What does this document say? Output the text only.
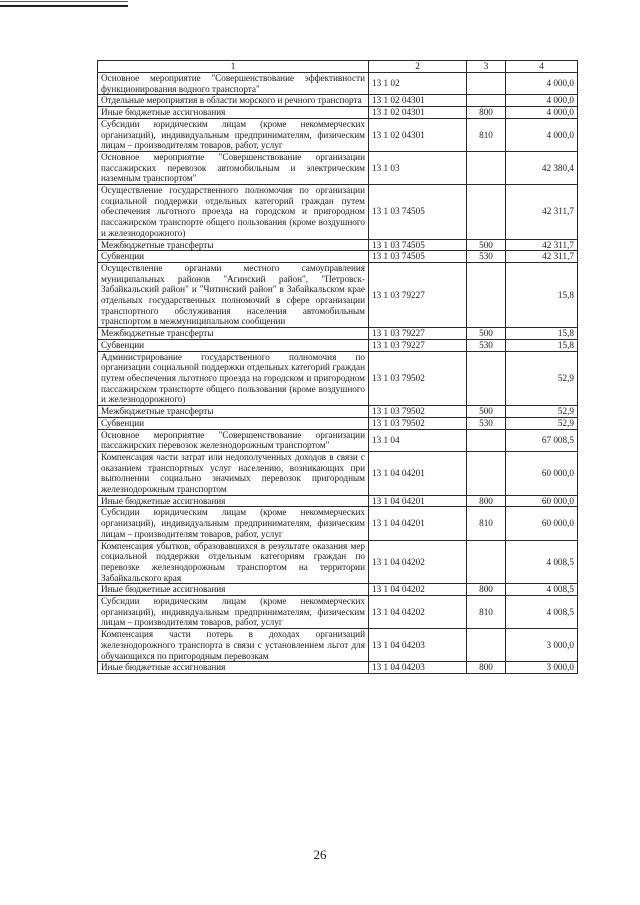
1	2	3	4
Основное мероприятие "Совершенствование эффективности функционирования водного транспорта"	13 1 02		4 000,0
Отдельные мероприятия в области морского и речного транспорта	13 1 02 04301		4 000,0
Иные бюджетные ассигнования	13 1 02 04301	800	4 000,0
Субсидии юридическим лицам (кроме некоммерческих организаций), индивидуальным предпринимателям, физическим лицам – производителям товаров, работ, услуг	13 1 02 04301	810	4 000,0
Основное мероприятие "Совершенствование организации пассажирских перевозок автомобильным и электрическим наземным транспортом"	13 1 03		42 380,4
Осуществление государственного полномочия по организации социальной поддержки отдельных категорий граждан путем обеспечения льготного проезда на городском и пригородном пассажирском транспорте общего пользования (кроме воздушного и железнодорожного)	13 1 03 74505		42 311,7
Межбюджетные трансферты	13 1 03 74505	500	42 311,7
Субвенции	13 1 03 74505	530	42 311,7
Осуществление органами местного самоуправления муниципальных районов "Агинский район", "Петровск-Забайкальский район" и "Читинский район" в Забайкальском крае отдельных государственных полномочий в сфере организации транспортного обслуживания населения автомобильным транспортом в межмуниципальном сообщении	13 1 03 79227		15,8
Межбюджетные трансферты	13 1 03 79227	500	15,8
Субвенции	13 1 03 79227	530	15,8
Администрирование государственного полномочия по организации социальной поддержки отдельных категорий граждан путем обеспечения льготного проезда на городском и пригородном пассажирском транспорте общего пользования (кроме воздушного и железнодорожного)	13 1 03 79502		52,9
Межбюджетные трансферты	13 1 03 79502	500	52,9
Субвенции	13 1 03 79502	530	52,9
Основное мероприятие "Совершенствование организации пассажирских перевозок железнодорожным транспортом"	13 1 04		67 008,5
Компенсация части затрат или недополученных доходов в связи с оказанием транспортных услуг населению, возникающих при выполнении социально значимых перевозок пригородным железнодорожным транспортом	13 1 04 04201		60 000,0
Иные бюджетные ассигнования	13 1 04 04201	800	60 000,0
Субсидии юридическим лицам (кроме некоммерческих организаций), индивидуальным предпринимателям, физическим лицам – производителям товаров, работ, услуг	13 1 04 04201	810	60 000,0
Компенсация убытков, образовавшихся в результате оказания мер социальной поддержки отдельным категориям граждан по перевозке железнодорожным транспортом на территории Забайкальского края	13 1 04 04202		4 008,5
Иные бюджетные ассигнования	13 1 04 04202	800	4 008,5
Субсидии юридическим лицам (кроме некоммерческих организаций), индивидуальным предпринимателям, физическим лицам – производителям товаров, работ, услуг	13 1 04 04202	810	4 008,5
Компенсация части потерь в доходах организаций железнодорожного транспорта в связи с установлением льгот для обучающихся по пригородным перевозкам	13 1 04 04203		3 000,0
Иные бюджетные ассигнования	13 1 04 04203	800	3 000,0
26
